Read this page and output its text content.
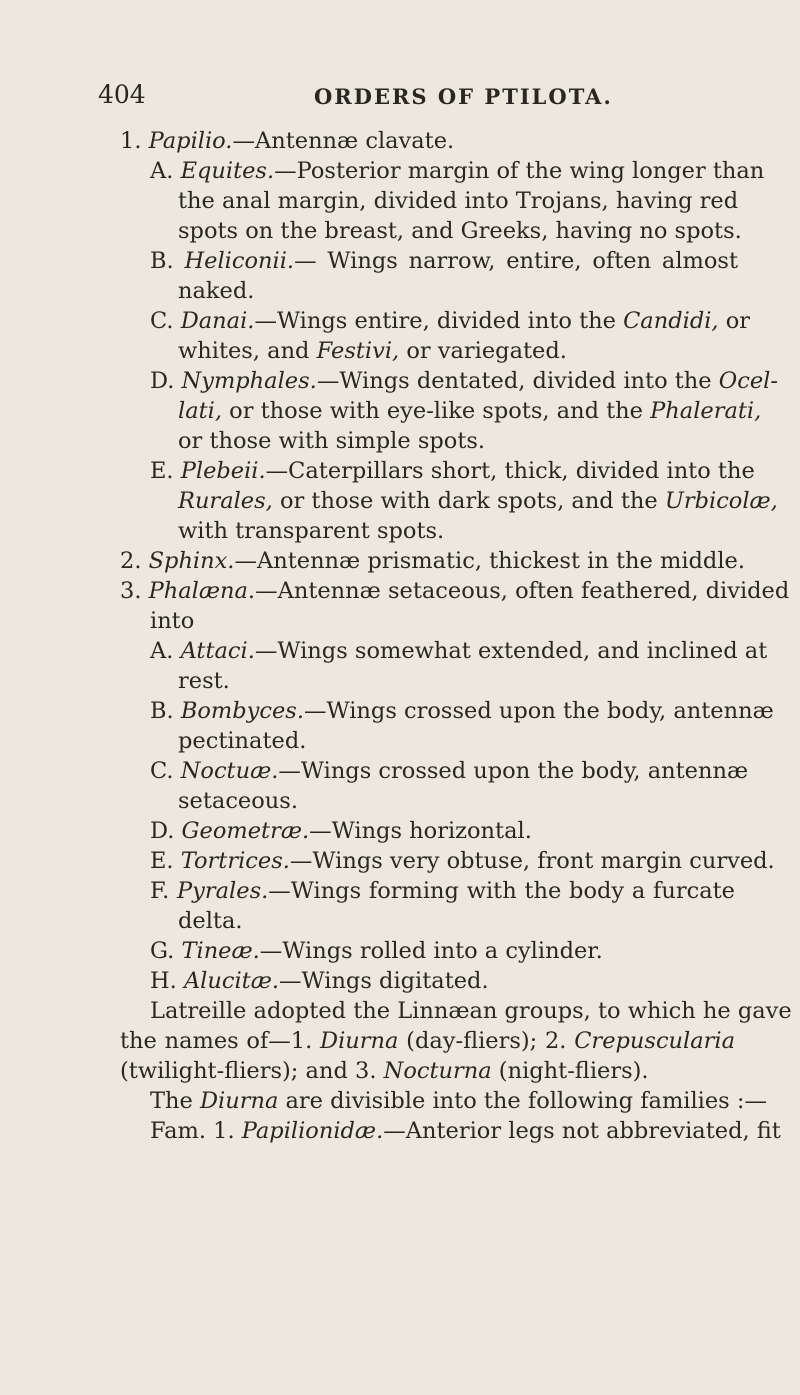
404	ORDERS OF PTILOTA.
1. Papilio.—Antennæ clavate.
A. Equites.—Posterior margin of the wing longer than
the anal margin, divided into Trojans, having red
spots on the breast, and Greeks, having no spots.
B. Heliconii.— Wings narrow, entire, often almost
naked.
C. Danai.—Wings entire, divided into the Candidi, or
whites, and Festivi, or variegated.
D. Nymphales.—Wings dentated, divided into the Ocel-
lati, or those with eye-like spots, and the Phalerati,
or those with simple spots.
E. Plebeii.—Caterpillars short, thick, divided into the
Rurales, or those with dark spots, and the Urbicolæ,
with transparent spots.
2. Sphinx.—Antennæ prismatic, thickest in the middle.
3. Phalæna.—Antennæ setaceous, often feathered, divided
into
A. Attaci.—Wings somewhat extended, and inclined at
rest.
B. Bombyces.—Wings crossed upon the body, antennæ
pectinated.
C. Noctuæ.—Wings crossed upon the body, antennæ
setaceous.
D. Geometræ.—Wings horizontal.
E. Tortrices.—Wings very obtuse, front margin curved.
F. Pyrales.—Wings forming with the body a furcate
delta.
G. Tineæ.—Wings rolled into a cylinder.
H. Alucitæ.—Wings digitated.
Latreille adopted the Linnæan groups, to which he gave
the names of—1. Diurna (day-fliers); 2. Crepuscularia
(twilight-fliers); and 3. Nocturna (night-fliers).
The Diurna are divisible into the following families :—
Fam. 1. Papilionidæ.—Anterior legs not abbreviated, fit
